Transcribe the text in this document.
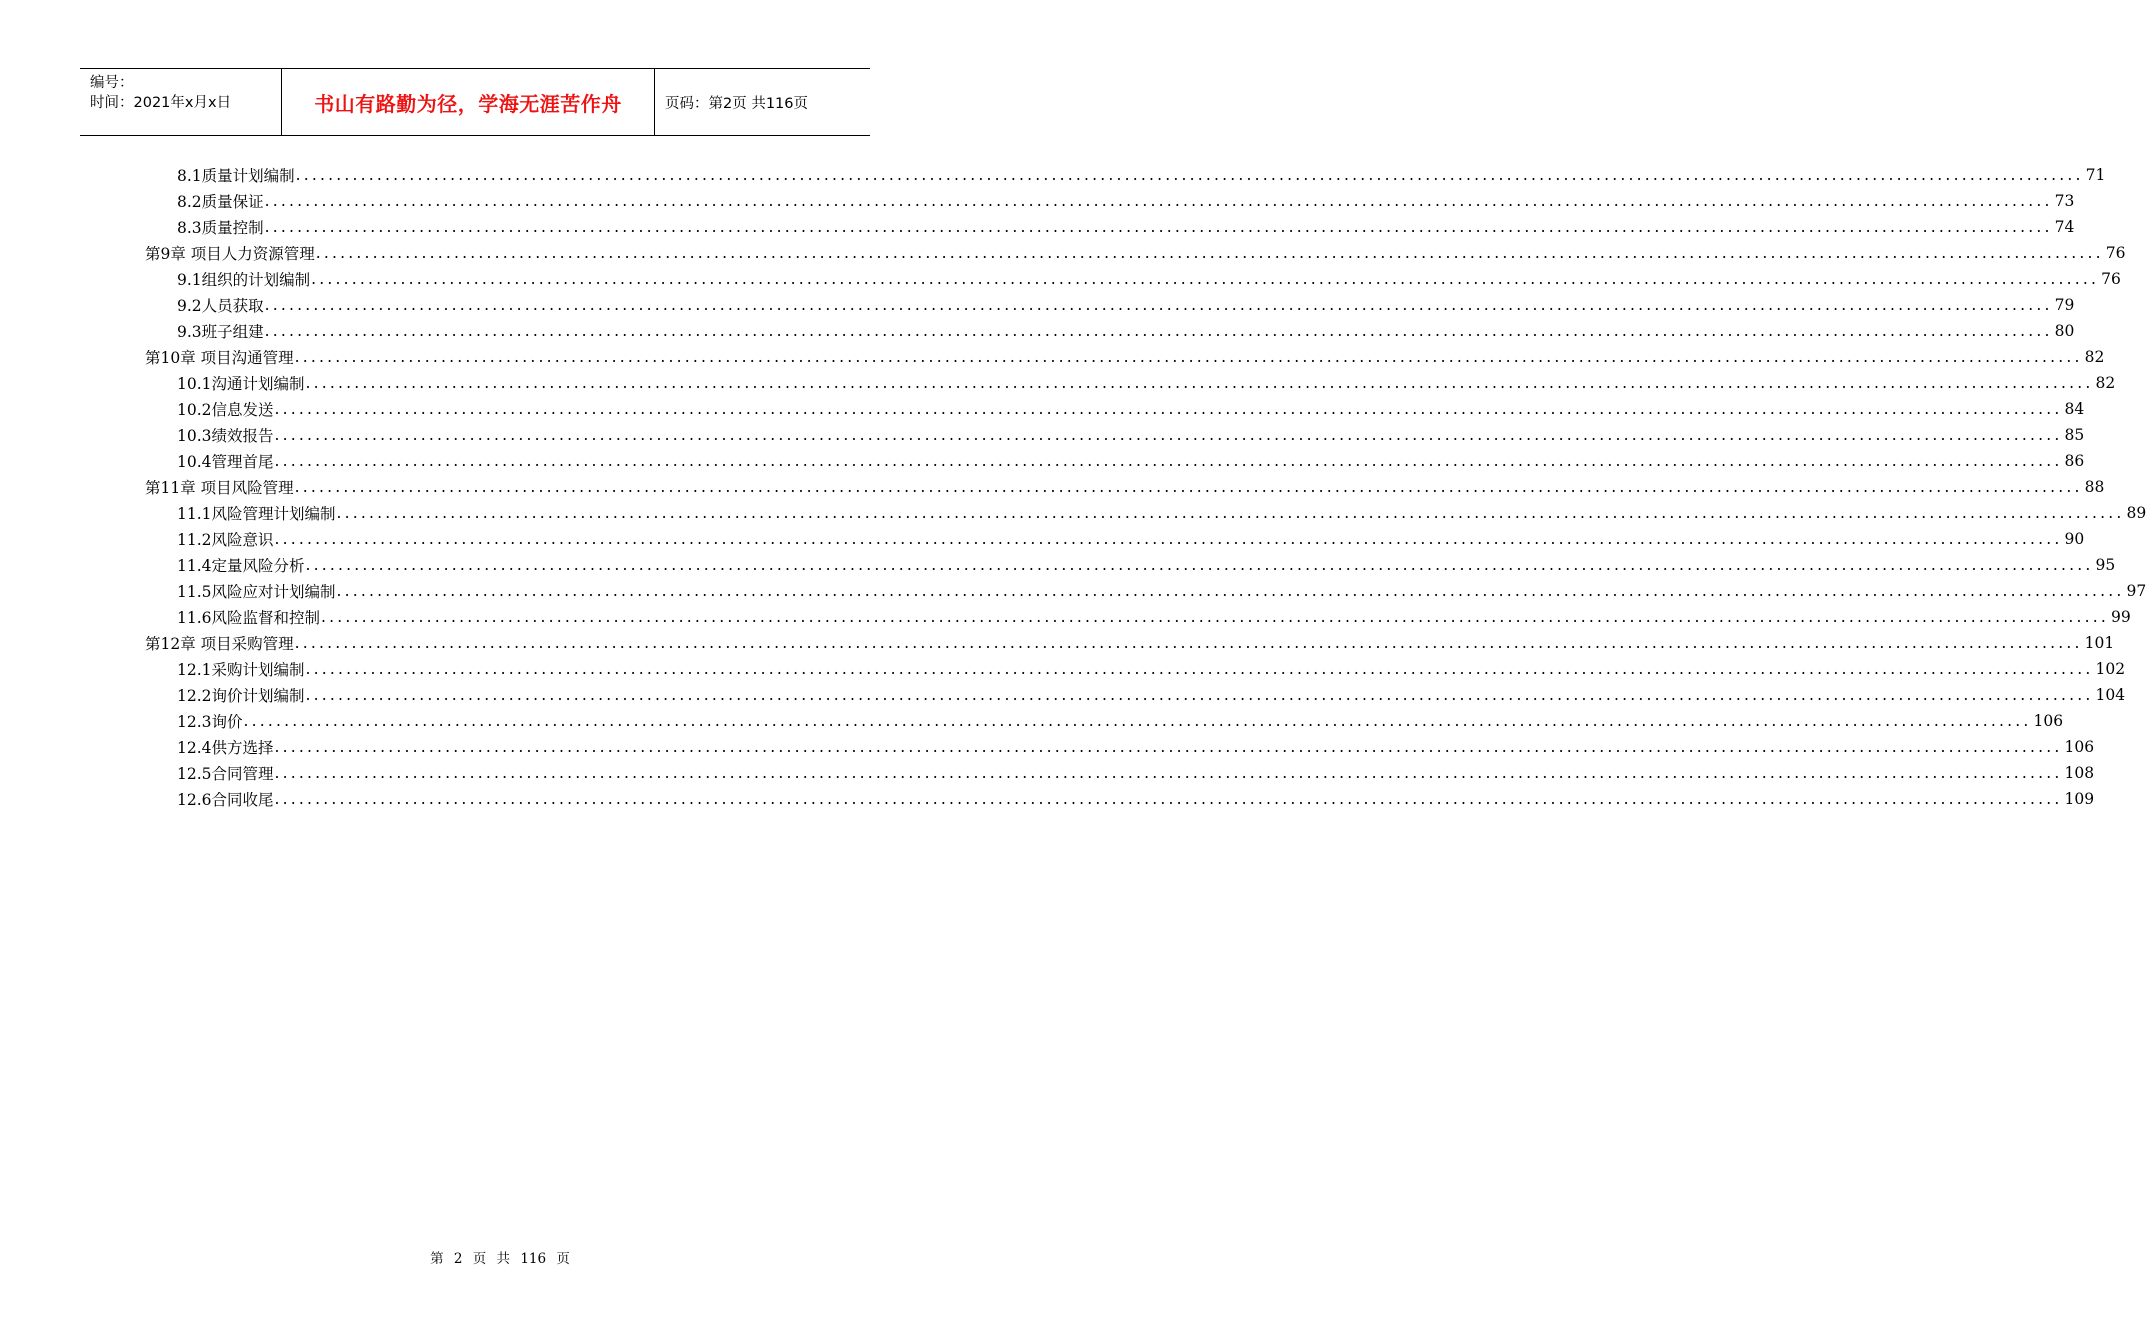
编号：
时间：2021年x月x日	书山有路勤为径，学海无涯苦作舟	页码：第2页 共116页
8.1质量计划编制 ............................................................................................................................................................................................................................ 71
8.2质量保证 ............................................................................................................................................................................................................................ 73
8.3质量控制 ............................................................................................................................................................................................................................ 74
第9章 项目人力资源管理 ............................................................................................................................................................................................................................ 76
9.1组织的计划编制 ............................................................................................................................................................................................................................ 76
9.2人员获取 ............................................................................................................................................................................................................................ 79
9.3班子组建 ............................................................................................................................................................................................................................ 80
第10章 项目沟通管理 ............................................................................................................................................................................................................................ 82
10.1沟通计划编制 ............................................................................................................................................................................................................................ 82
10.2信息发送 ............................................................................................................................................................................................................................ 84
10.3绩效报告 ............................................................................................................................................................................................................................ 85
10.4管理首尾 ............................................................................................................................................................................................................................ 86
第11章 项目风险管理 ............................................................................................................................................................................................................................ 88
11.1风险管理计划编制 ............................................................................................................................................................................................................................ 89
11.2风险意识 ............................................................................................................................................................................................................................ 90
11.4定量风险分析 ............................................................................................................................................................................................................................ 95
11.5风险应对计划编制 ............................................................................................................................................................................................................................ 97
11.6风险监督和控制 ............................................................................................................................................................................................................................ 99
第12章 项目采购管理 ............................................................................................................................................................................................................................ 101
12.1采购计划编制 ............................................................................................................................................................................................................................ 102
12.2询价计划编制 ............................................................................................................................................................................................................................ 104
12.3询价 ............................................................................................................................................................................................................................ 106
12.4供方选择 ............................................................................................................................................................................................................................ 106
12.5合同管理 ............................................................................................................................................................................................................................ 108
12.6合同收尾 ............................................................................................................................................................................................................................ 109
第 2 页 共 116 页
